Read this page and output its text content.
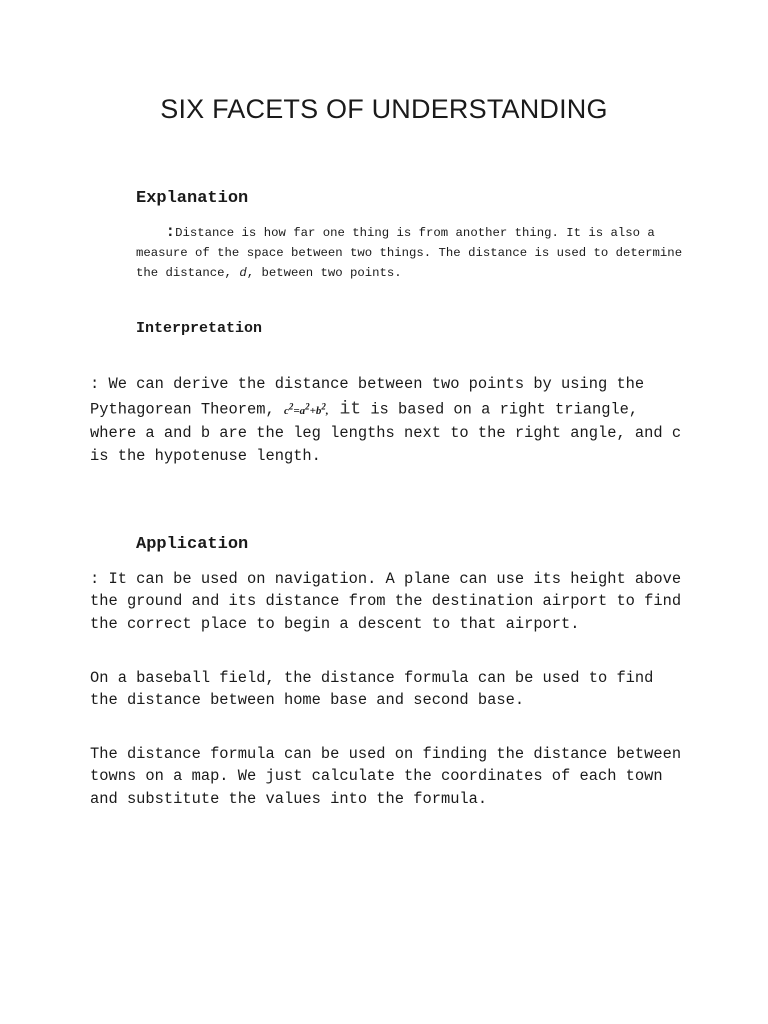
SIX FACETS OF UNDERSTANDING
Explanation

:Distance is how far one thing is from another thing. It is also a measure of the space between two things. The distance is used to determine the distance, d, between two points.

Interpretation

: We can derive the distance between two points by using the Pythagorean Theorem, $c^2=a^2+b^2$, it is based on a right triangle, where a and b are the leg lengths next to the right angle, and c is the hypotenuse length.

Application

: It can be used on navigation. A plane can use its height above the ground and its distance from the destination airport to find the correct place to begin a descent to that airport.

On a baseball field, the distance formula can be used to find the distance between home base and second base.

The distance formula can be used on finding the distance between towns on a map. We just calculate the coordinates of each town and substitute the values into the formula.
